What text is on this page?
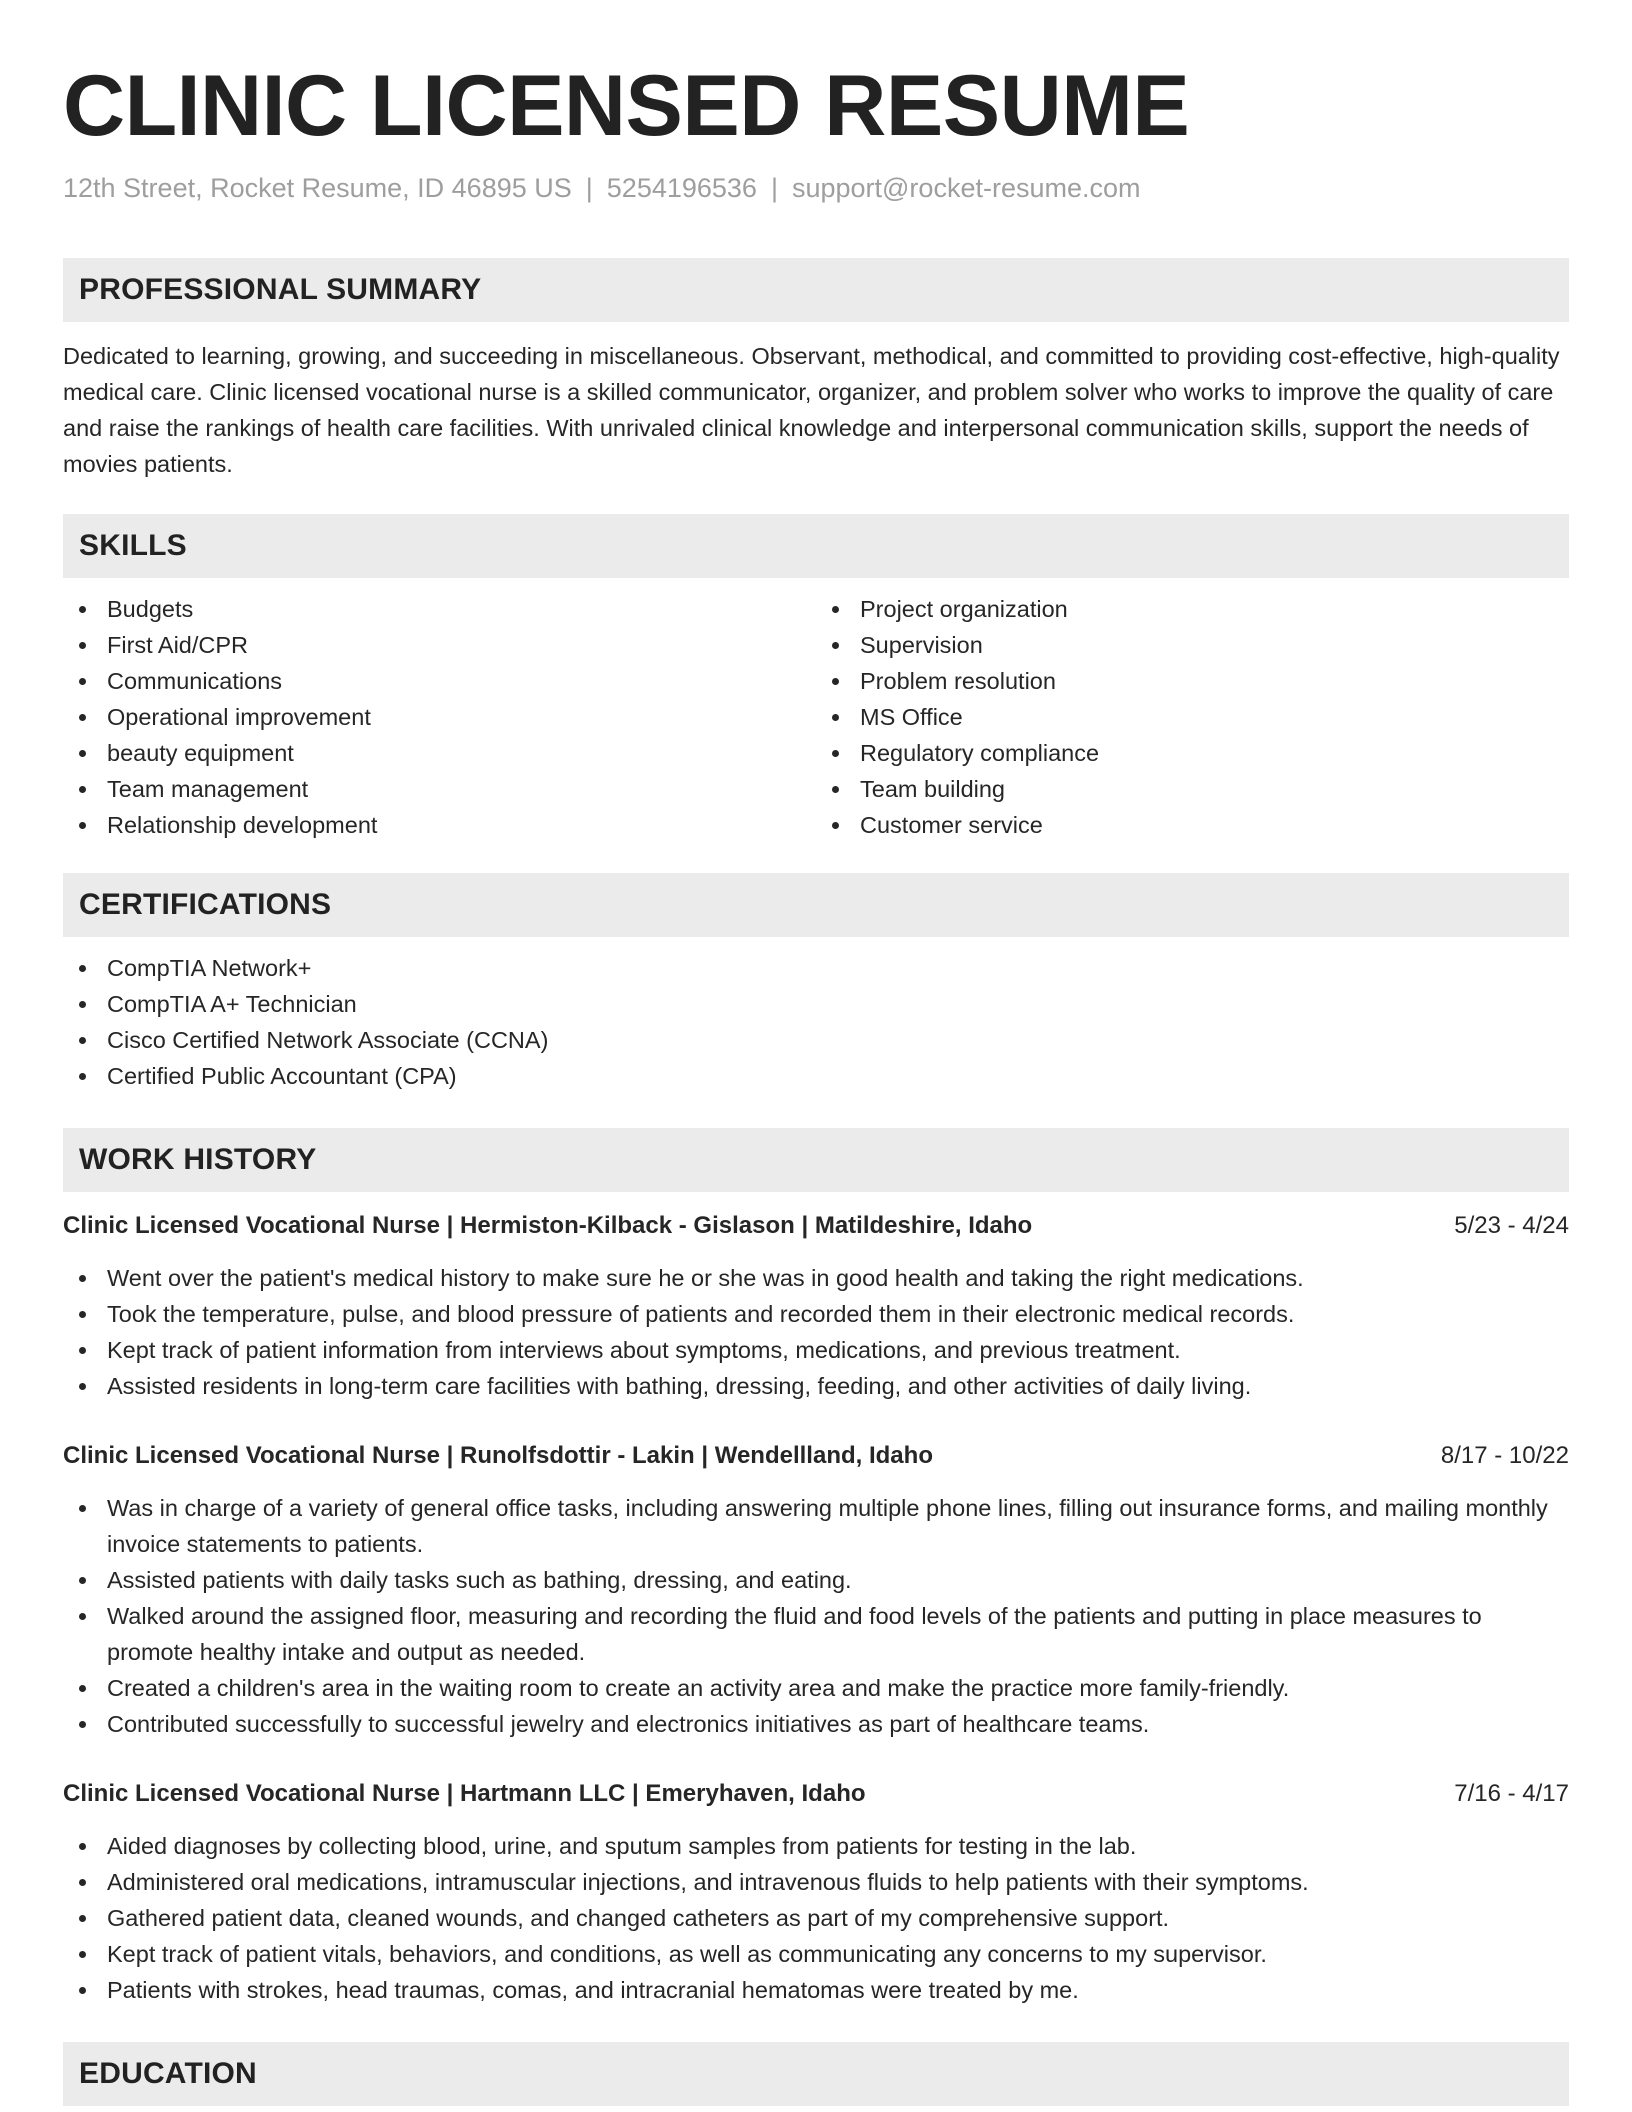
CLINIC LICENSED RESUME
12th Street, Rocket Resume, ID 46895 US | 5254196536 | support@rocket-resume.com
PROFESSIONAL SUMMARY

Dedicated to learning, growing, and succeeding in miscellaneous. Observant, methodical, and committed to providing cost-effective, high-quality medical care. Clinic licensed vocational nurse is a skilled communicator, organizer, and problem solver who works to improve the quality of care and raise the rankings of health care facilities. With unrivaled clinical knowledge and interpersonal communication skills, support the needs of movies patients.

SKILLS
Budgets
First Aid/CPR
Communications
Operational improvement
beauty equipment
Team management
Relationship development
Project organization
Supervision
Problem resolution
MS Office
Regulatory compliance
Team building
Customer service
CERTIFICATIONS
CompTIA Network+
CompTIA A+ Technician
Cisco Certified Network Associate (CCNA)
Certified Public Accountant (CPA)
WORK HISTORY
Clinic Licensed Vocational Nurse | Hermiston-Kilback - Gislason | Matildeshire, Idaho	5/23 - 4/24
Went over the patient's medical history to make sure he or she was in good health and taking the right medications.
Took the temperature, pulse, and blood pressure of patients and recorded them in their electronic medical records.
Kept track of patient information from interviews about symptoms, medications, and previous treatment.
Assisted residents in long-term care facilities with bathing, dressing, feeding, and other activities of daily living.
Clinic Licensed Vocational Nurse | Runolfsdottir - Lakin | Wendellland, Idaho	8/17 - 10/22
Was in charge of a variety of general office tasks, including answering multiple phone lines, filling out insurance forms, and mailing monthly invoice statements to patients.
Assisted patients with daily tasks such as bathing, dressing, and eating.
Walked around the assigned floor, measuring and recording the fluid and food levels of the patients and putting in place measures to promote healthy intake and output as needed.
Created a children's area in the waiting room to create an activity area and make the practice more family-friendly.
Contributed successfully to successful jewelry and electronics initiatives as part of healthcare teams.
Clinic Licensed Vocational Nurse | Hartmann LLC | Emeryhaven, Idaho	7/16 - 4/17
Aided diagnoses by collecting blood, urine, and sputum samples from patients for testing in the lab.
Administered oral medications, intramuscular injections, and intravenous fluids to help patients with their symptoms.
Gathered patient data, cleaned wounds, and changed catheters as part of my comprehensive support.
Kept track of patient vitals, behaviors, and conditions, as well as communicating any concerns to my supervisor.
Patients with strokes, head traumas, comas, and intracranial hematomas were treated by me.
EDUCATION
